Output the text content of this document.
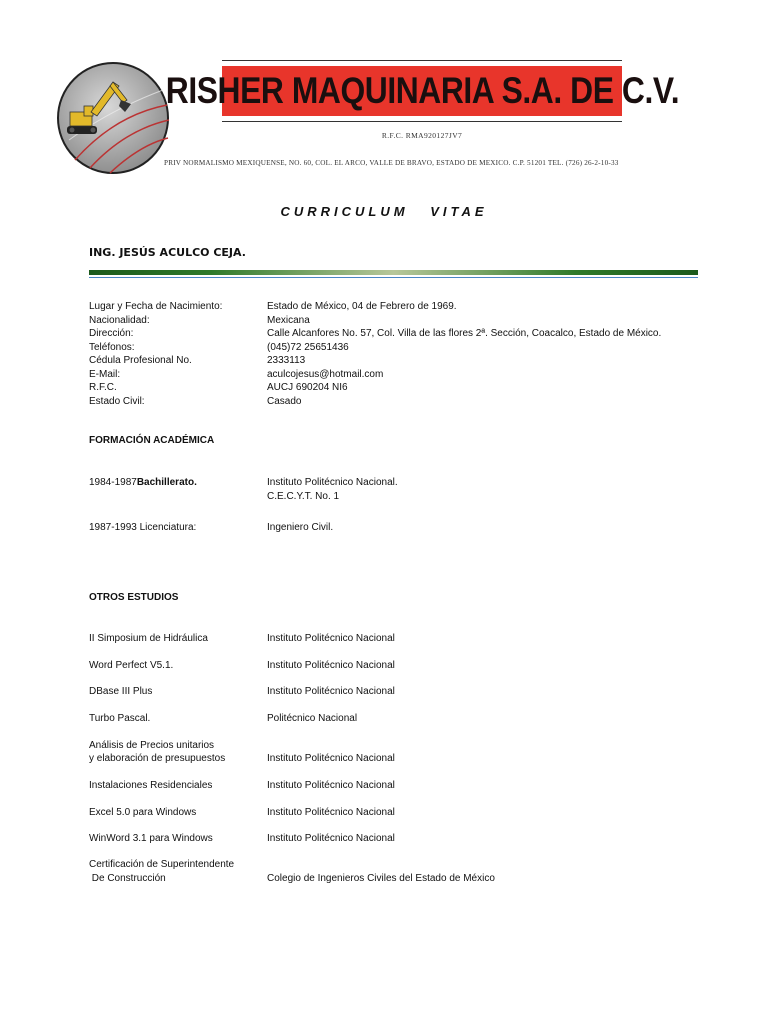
RISHER MAQUINARIA S.A. DE C.V.
R.F.C. RMA920127JV7
PRIV NORMALISMO MEXIQUENSE, NO. 60, COL. EL ARCO, VALLE DE BRAVO, ESTADO DE MEXICO. C.P. 51201 TEL. (726) 26-2-10-33
CURRICULUM VITAE
ING. JESÚS ACULCO CEJA.
Lugar y Fecha de Nacimiento:	Estado de México, 04 de Febrero de 1969.
Nacionalidad:	Mexicana
Dirección:	Calle Alcanfores No. 57, Col. Villa de las flores 2ª. Sección, Coacalco, Estado de México.
Teléfonos:	(045)72 25651436
Cédula Profesional No.	2333113
E-Mail:	aculcojesus@hotmail.com
R.F.C.	AUCJ 690204 NI6
Estado Civil:	Casado
FORMACIÓN ACADÉMICA
1984-1987Bachillerato.	Instituto Politécnico Nacional.
C.E.C.Y.T. No. 1
1987-1993 Licenciatura:	Ingeniero Civil.
OTROS ESTUDIOS
II Simposium de Hidráulica	Instituto Politécnico Nacional
Word Perfect V5.1.	Instituto Politécnico Nacional
DBase III Plus	Instituto Politécnico Nacional
Turbo Pascal.	Politécnico Nacional
Análisis de Precios unitarios
y elaboración de presupuestos	Instituto Politécnico Nacional
Instalaciones Residenciales	Instituto Politécnico Nacional
Excel 5.0 para Windows	Instituto Politécnico Nacional
WinWord 3.1 para Windows	Instituto Politécnico Nacional
Certificación de Superintendente
De Construcción	Colegio de Ingenieros Civiles del Estado de México
